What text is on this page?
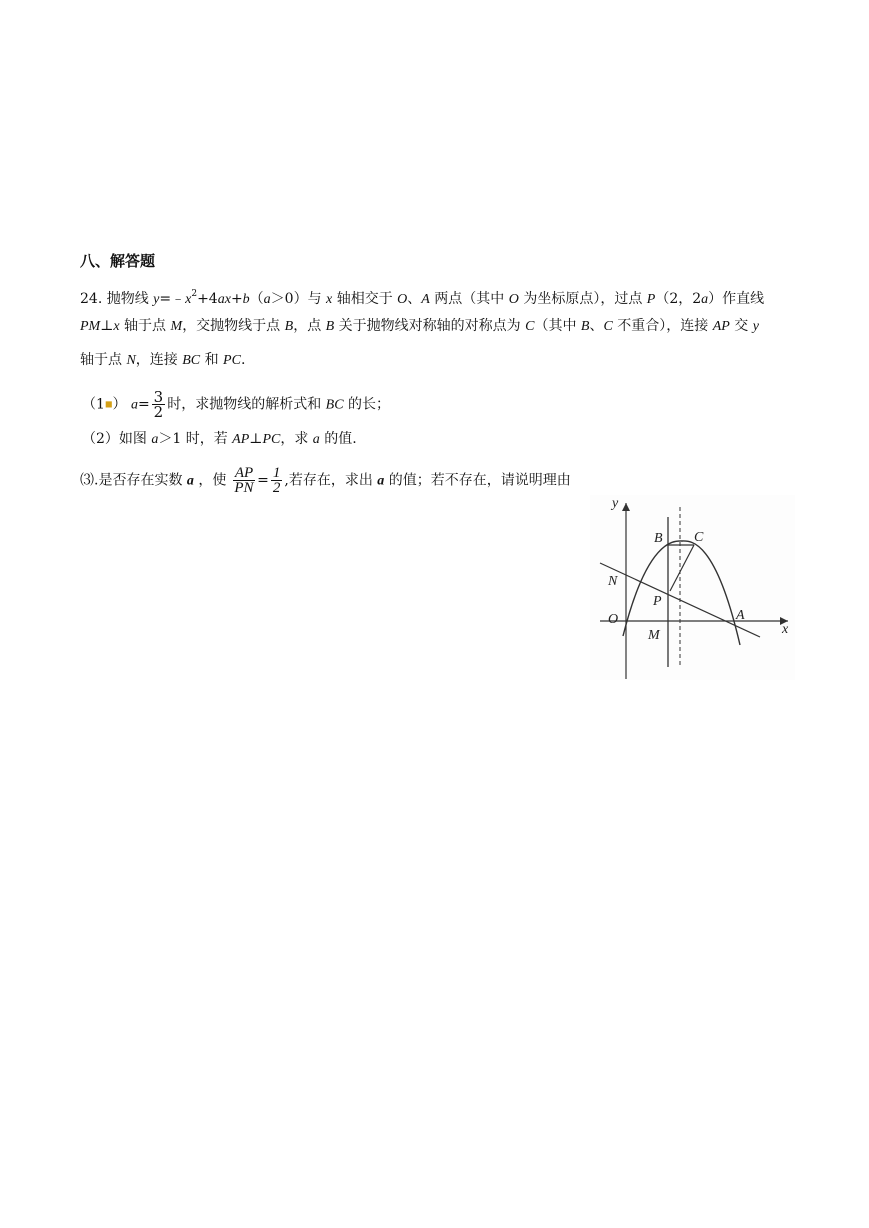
八、解答题
24. 抛物线 $y=﹣x^2+4ax+b(a>0)$与 x 轴相交于 O、A 两点（其中 O 为坐标原点），过点 P（2，2a）作直线
PM⊥x 轴于点 M，交抛物线于点 B，点 B 关于抛物线对称轴的对称点为 C（其中 B、C 不重合），连接 AP 交 y
轴于点 N，连接 BC 和 PC.
（1■） $a= \frac{3}{2}$ 时，求抛物线的解析式和 BC 的长；
（2）如图 a＞1 时，若 AP⊥PC，求 a 的值.
⑶.是否存在实数 a ，使 $\frac{AP}{PN} = \frac{1}{2}$ ,若存在，求出 a 的值；若不存在，请说明理由
y
x
B C
N
P
O
M
A
